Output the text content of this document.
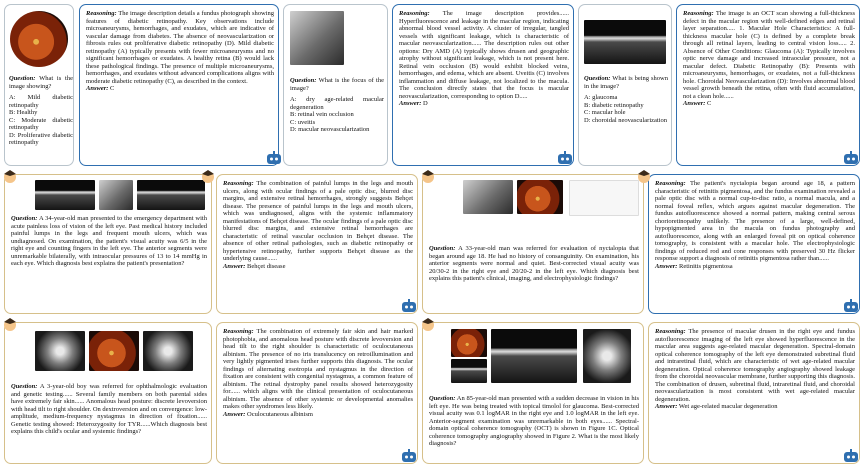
Question: What is the image showing?
A: Mild diabetic retinopathy
B: Healthy
C: Moderate diabetic retinopathy
D: Proliferative diabetic retinopathy
Reasoning: The image description details a fundus photograph showing features of diabetic retinopathy. Key observations include microaneurysms, hemorrhages, and exudates, which are indicative of vascular damage from diabetes. The absence of neovascularization or fibrosis rules out proliferative diabetic retinopathy (D). Mild diabetic retinopathy (A) typically presents with fewer microaneurysms and no significant hemorrhages or exudates. A healthy retina (B) would lack these pathological findings. The presence of multiple microaneurysms, hemorrhages, and exudates without advanced complications aligns with moderate diabetic retinopathy (C), as described in the context.
Answer: C
Question: What is the focus of the image?
A: dry age-related macular degeneration
B: retinal vein occlusion
C: uveitis
D: macular neovascularization
Reasoning: The image description provides...... Hyperfluorescence and leakage in the macular region, indicating abnormal blood vessel activity. A cluster of irregular, tangled vessels with significant leakage, which is characteristic of macular neovascularization...... The description rules out other options: Dry AMD (A) typically shows drusen and geographic atrophy without significant leakage, which is not present here. Retinal vein occlusion (B) would exhibit blocked veins, hemorrhages, and edema, which are absent. Uveitis (C) involves inflammation and diffuse leakage, not localized to the macula. The conclusion directly states that the focus is macular neovascularization, corresponding to option D.....
Answer: D
Question: What is being shown in the image?
A: glaucoma
B: diabetic retinopathy
C: macular hole
D: choroidal neovascularization
Reasoning: The image is an OCT scan showing a full-thickness defect in the macular region with well-defined edges and retinal layer separation..... 1. Macular Hole Characteristics: A full-thickness macular hole (C) is defined by a complete break through all retinal layers, leading to central vision loss..... 2. Absence of Other Conditions: Glaucoma (A): Typically involves optic nerve damage and increased intraocular pressure, not a macular defect. Diabetic Retinopathy (B): Presents with microaneurysms, hemorrhages, or exudates, not a full-thickness hole. Choroidal Neovascularization (D): Involves abnormal blood vessel growth beneath the retina, often with fluid accumulation, not a clean hole......
Answer: C
Question: A 34-year-old man presented to the emergency department with acute painless loss of vision of the left eye. Past medical history included painful lumps in the legs and frequent mouth ulcers, which was undiagnosed. On examination, the patient's visual acuity was 6/5 in the right eye and counting fingers in the left eye. The anterior segments were unremarkable bilaterally, with intraocular pressures of 13 to 14 mmHg in each eye. Which diagnosis best explains the patient's presentation?
Reasoning: The combination of painful lumps in the legs and mouth ulcers, along with ocular findings of a pale optic disc, blurred disc margins, and extensive retinal hemorrhages, strongly suggests Behçet disease. The presence of painful lumps in the legs and mouth ulcers, which was undiagnosed, aligns with the systemic inflammatory manifestations of Behçet disease. The ocular findings of a pale optic disc blurred disc margins, and extensive retinal hemorrhages are characteristic of retinal vascular occlusion in Behçet disease. The absence of other retinal pathologies, such as diabetic retinopathy or hypertensive retinopathy, further supports Behçet disease as the underlying cause......
Answer: Behçet disease
Question: A 33-year-old man was referred for evaluation of nyctalopia that began around age 18. He had no history of consanguinity. On examination, his anterior segments were normal and quiet. Best-corrected visual acuity was 20/30-2 in the right eye and 20/20-2 in the left eye. Which diagnosis best explains this patient's clinical, imaging, and electrophysiologic findings?
Reasoning: The patient's nyctalopia began around age 18, a pattern characteristic of retinitis pigmentosa, and the fundus examination revealed a pale optic disc with a normal cup-to-disc ratio, a normal macula, and a normal foveal reflex, which argues against macular degeneration. The fundus autofluorescence showed a normal pattern, making central serous chorioretinopathy unlikely. The presence of a large, well-defined, hypopigmented area in the macula on fundus photography and autofluorescence, along with an enlarged foveal pit on optical coherence tomography, is consistent with a macular hole. The electrophysiologic findings of reduced rod and cone responses with preserved 30 Hz flicker response support a diagnosis of retinitis pigmentosa rather than......
Answer: Retinitis pigmentosa
Question: A 3-year-old boy was referred for ophthalmologic evaluation and genetic testing...... Several family members on both parental sides have extremely fair skin...... Anomalous head posture: discrete levoversion with head tilt to right shoulder. On dextroversion and on convergence: low-amplitude, medium-frequency nystagmus in direction of fixation...... Genetic testing showed: Heterozygosity for TYR......Which diagnosis best explains this child's ocular and systemic findings?
Reasoning: The combination of extremely fair skin and hair marked photophobia, and anomalous head posture with discrete levoversion and head tilt to the right shoulder is characteristic of oculocutaneous albinism. The presence of no iris translucency on retroillumination and very lightly pigmented irises further supports this diagnosis. The ocular findings of alternating esotropia and nystagmus in the direction of fixation are consistent with congenital nystagmus, a common feature of albinism. The retinal dystrophy panel results showed heterozygosity for...... which aligns with the clinical presentation of oculocutaneous albinism. The absence of other systemic or developmental anomalies makes other syndromes less likely.
Answer: Oculocutaneous albinism
Question: An 85-year-old man presented with a sudden decrease in vision in his left eye. He was being treated with topical timolol for glaucoma. Best-corrected visual acuity was 0.1 logMAR in the right eye and 1.0 logMAR in the left eye. Anterior-segment examination was unremarkable in both eyes...... Spectral-domain optical coherence tomography (OCT) is shown in Figure 1C. Optical coherence tomography angiography showed in Figure 2. What is the most likely diagnosis?
Reasoning: The presence of macular drusen in the right eye and fundus autofluorescence imaging of the left eye showed hyperfluorescence in the macular area suggests age-related macular degeneration. Spectral-domain optical coherence tomography of the left eye demonstrated subretinal fluid and intraretinal fluid, which are characteristic of wet age-related macular degeneration. Optical coherence tomography angiography showed leakage from the choroidal neovascular membrane, further supporting this diagnosis. The combination of drusen, subretinal fluid, intraretinal fluid, and choroidal neovascularization is most consistent with wet age-related macular degeneration.
Answer: Wet age-related macular degeneration
